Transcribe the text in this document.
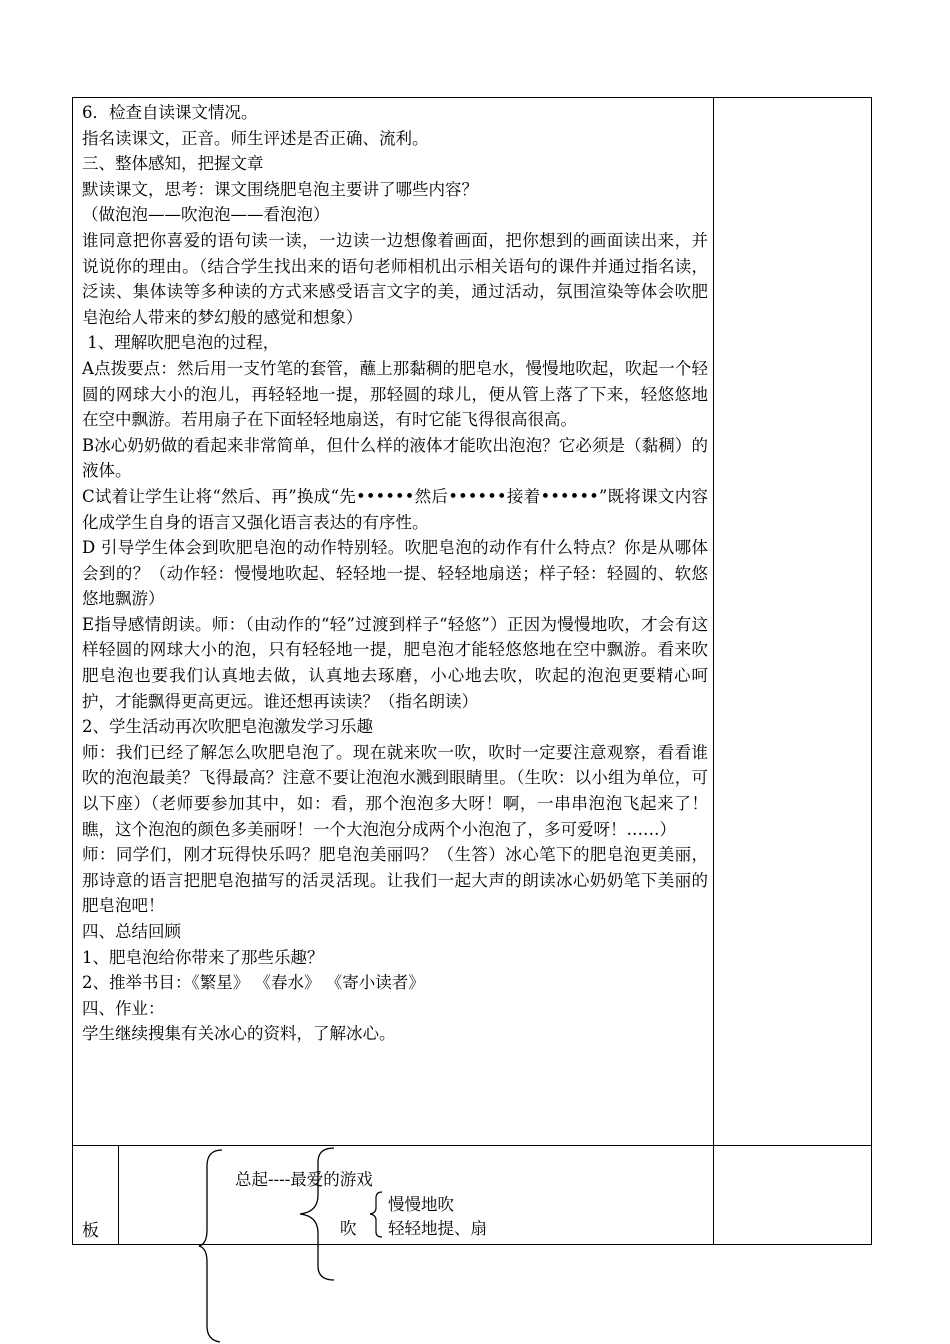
6．检查自读课文情况。

指名读课文，正音。师生评述是否正确、流利。

三、整体感知，把握文章

默读课文，思考：课文围绕肥皂泡主要讲了哪些内容？

（做泡泡——吹泡泡——看泡泡）

谁同意把你喜爱的语句读一读，一边读一边想像着画面，把你想到的画面读出来，并说说你的理由。（结合学生找出来的语句老师相机出示相关语句的课件并通过指名读，泛读、集体读等多种读的方式来感受语言文字的美，通过活动，氛围渲染等体会吹肥皂泡给人带来的梦幻般的感觉和想象）

1、理解吹肥皂泡的过程，

A点拨要点：然后用一支竹笔的套管，蘸上那黏稠的肥皂水，慢慢地吹起，吹起一个轻圆的网球大小的泡儿，再轻轻地一提，那轻圆的球儿，便从管上落了下来，轻悠悠地在空中飘游。若用扇子在下面轻轻地扇送，有时它能飞得很高很高。

B冰心奶奶做的看起来非常简单，但什么样的液体才能吹出泡泡？它必须是（黏稠）的液体。

C试着让学生让将“然后、再”换成“先••••••然后••••••接着••••••”既将课文内容化成学生自身的语言又强化语言表达的有序性。

D 引导学生体会到吹肥皂泡的动作特别轻。吹肥皂泡的动作有什么特点？你是从哪体会到的？（动作轻：慢慢地吹起、轻轻地一提、轻轻地扇送；样子轻：轻圆的、软悠悠地飘游）

E指导感情朗读。师：（由动作的“轻”过渡到样子“轻悠”）正因为慢慢地吹，才会有这样轻圆的网球大小的泡，只有轻轻地一提，肥皂泡才能轻悠悠地在空中飘游。看来吹肥皂泡也要我们认真地去做，认真地去琢磨，小心地去吹，吹起的泡泡更要精心呵护，才能飘得更高更远。谁还想再读读？（指名朗读）

2、学生活动再次吹肥皂泡激发学习乐趣

师：我们已经了解怎么吹肥皂泡了。现在就来吹一吹，吹时一定要注意观察，看看谁吹的泡泡最美？飞得最高？注意不要让泡泡水溅到眼睛里。（生吹：以小组为单位，可以下座）（老师要参加其中，如：看，那个泡泡多大呀！啊，一串串泡泡飞起来了！瞧，这个泡泡的颜色多美丽呀！一个大泡泡分成两个小泡泡了，多可爱呀！……）

师：同学们，刚才玩得快乐吗？肥皂泡美丽吗？（生答）冰心笔下的肥皂泡更美丽，那诗意的语言把肥皂泡描写的活灵活现。让我们一起大声的朗读冰心奶奶笔下美丽的肥皂泡吧！

四、总结回顾

1、肥皂泡给你带来了那些乐趣？

2、推举书目：《繁星》 《春水》 《寄小读者》

四、作业：

学生继续搜集有关冰心的资料，了解冰心。

板
总起----最爱的游戏
吹
慢慢地吹
轻轻地提、扇
